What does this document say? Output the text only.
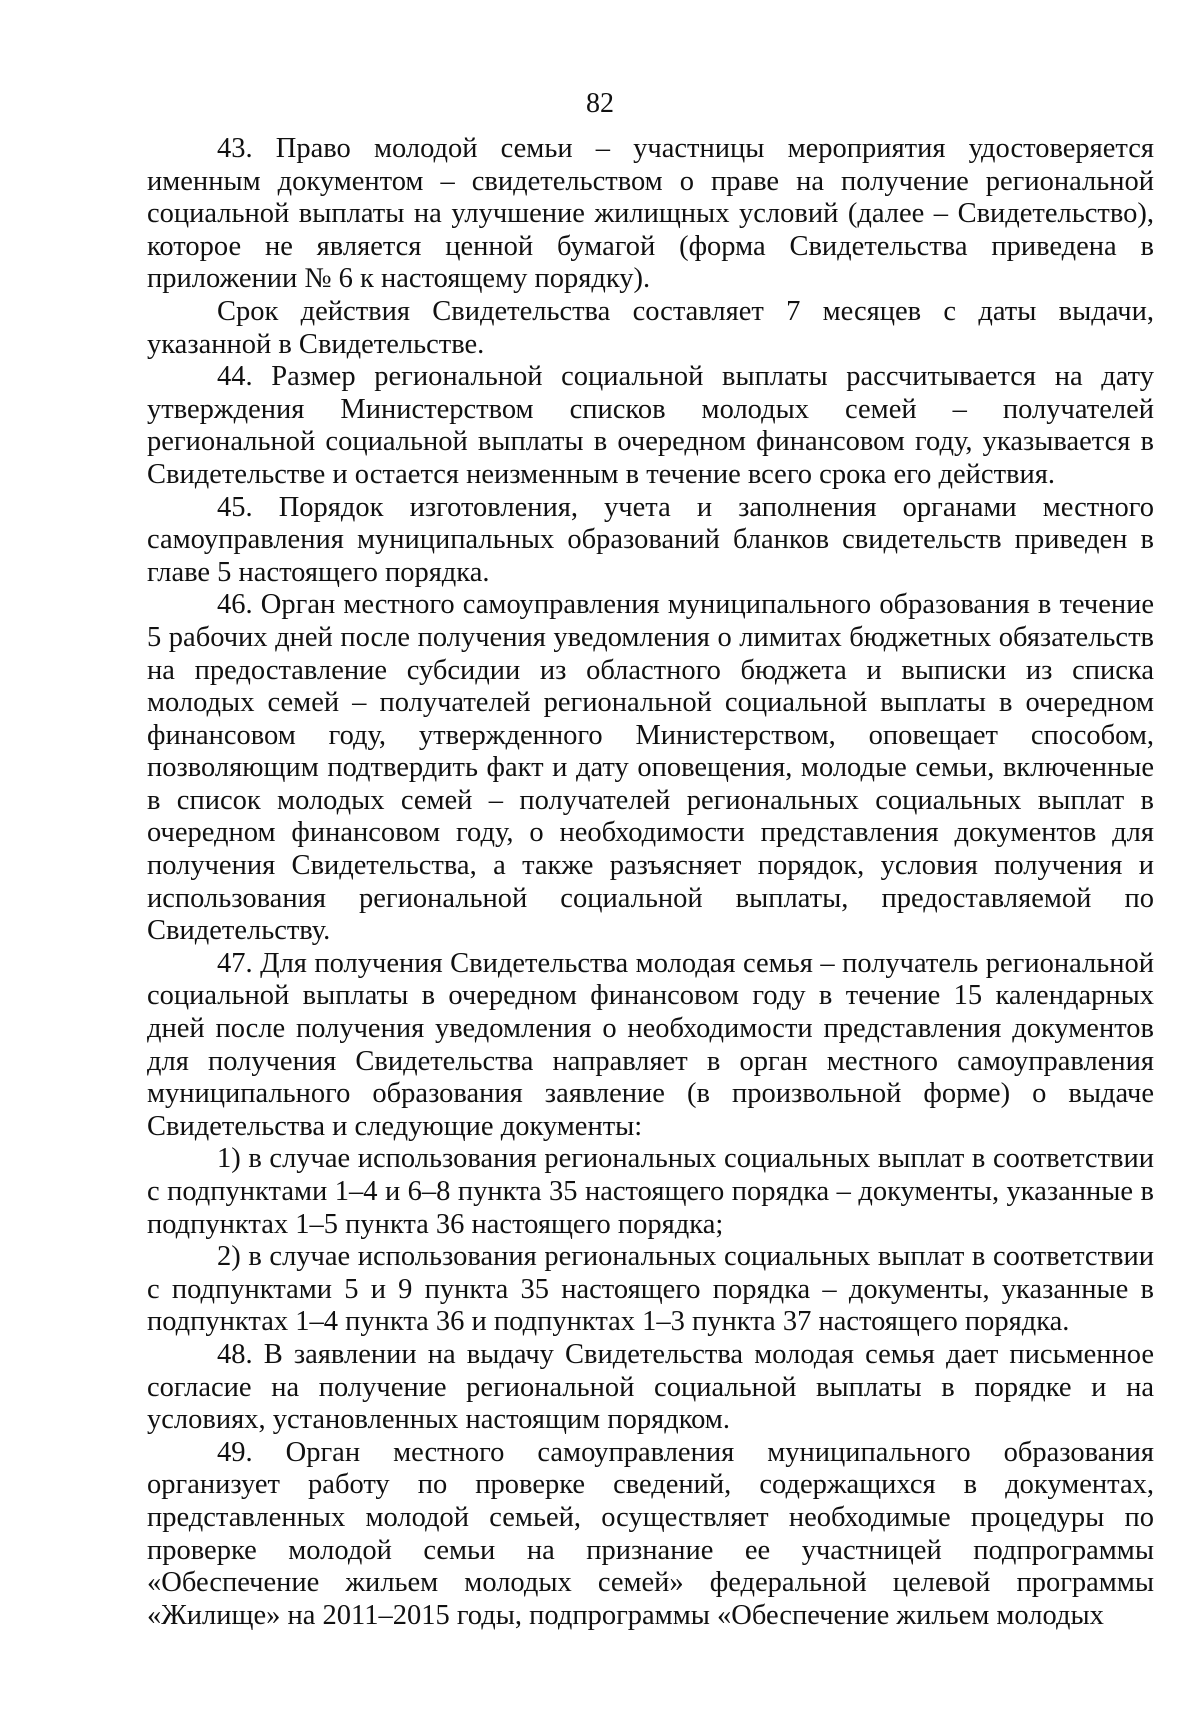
82

43. Право молодой семьи – участницы мероприятия удостоверяется именным документом – свидетельством о праве на получение региональной социальной выплаты на улучшение жилищных условий (далее – Свидетельство), которое не является ценной бумагой (форма Свидетельства приведена в приложении № 6 к настоящему порядку).

Срок действия Свидетельства составляет 7 месяцев с даты выдачи, указанной в Свидетельстве.

44. Размер региональной социальной выплаты рассчитывается на дату утверждения Министерством списков молодых семей – получателей региональной социальной выплаты в очередном финансовом году, указывается в Свидетельстве и остается неизменным в течение всего срока его действия.

45. Порядок изготовления, учета и заполнения органами местного самоуправления муниципальных образований бланков свидетельств приведен в главе 5 настоящего порядка.

46. Орган местного самоуправления муниципального образования в течение 5 рабочих дней после получения уведомления о лимитах бюджетных обязательств на предоставление субсидии из областного бюджета и выписки из списка молодых семей – получателей региональной социальной выплаты в очередном финансовом году, утвержденного Министерством, оповещает способом, позволяющим подтвердить факт и дату оповещения, молодые семьи, включенные в список молодых семей – получателей региональных социальных выплат в очередном финансовом году, о необходимости представления документов для получения Свидетельства, а также разъясняет порядок, условия получения и использования региональной социальной выплаты, предоставляемой по Свидетельству.

47. Для получения Свидетельства молодая семья – получатель региональной социальной выплаты в очередном финансовом году в течение 15 календарных дней после получения уведомления о необходимости представления документов для получения Свидетельства направляет в орган местного самоуправления муниципального образования заявление (в произвольной форме) о выдаче Свидетельства и следующие документы:

1) в случае использования региональных социальных выплат в соответствии с подпунктами 1–4 и 6–8 пункта 35 настоящего порядка – документы, указанные в подпунктах 1–5 пункта 36 настоящего порядка;

2) в случае использования региональных социальных выплат в соответствии с подпунктами 5 и 9 пункта 35 настоящего порядка – документы, указанные в подпунктах 1–4 пункта 36 и подпунктах 1–3 пункта 37 настоящего порядка.

48. В заявлении на выдачу Свидетельства молодая семья дает письменное согласие на получение региональной социальной выплаты в порядке и на условиях, установленных настоящим порядком.

49. Орган местного самоуправления муниципального образования организует работу по проверке сведений, содержащихся в документах, представленных молодой семьей, осуществляет необходимые процедуры по проверке молодой семьи на признание ее участницей подпрограммы «Обеспечение жильем молодых семей» федеральной целевой программы «Жилище» на 2011–2015 годы, подпрограммы «Обеспечение жильем молодых
